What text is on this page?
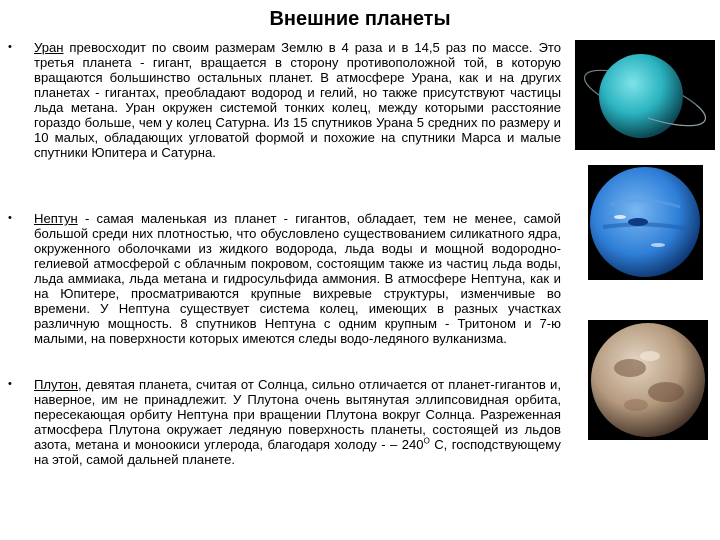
Внешние планеты
•	Уран превосходит по своим размерам Землю в 4 раза и в 14,5 раз по массе. Это третья планета - гигант, вращается в сторону противоположной той, в которую вращаются большинство остальных планет. В атмосфере Урана, как и на других планетах - гигантах, преобладают водород и гелий, но также присутствуют частицы льда метана. Уран окружен системой тонких колец, между которыми расстояние гораздо больше, чем у колец Сатурна. Из 15 спутников Урана 5 средних по размеру и 10 малых, обладающих угловатой формой и похожие на спутники Марса и малые спутники Юпитера и Сатурна.
•	Нептун - самая маленькая из планет - гигантов, обладает, тем не менее, самой большой среди них плотностью, что обусловлено существованием силикатного ядра, окруженного оболочками из жидкого водорода, льда воды и мощной водородно-гелиевой атмосферой с облачным покровом, состоящим также из частиц льда воды, льда аммиака, льда метана и гидросульфида аммония. В атмосфере Нептуна, как и на Юпитере, просматриваются крупные вихревые структуры, изменчивые во времени. У Нептуна существует система колец, имеющих в разных участках различную мощность. 8 спутников Нептуна с одним крупным - Тритоном и 7-ю малыми, на поверхности которых имеются следы водо-ледяного вулканизма.
•	Плутон, девятая планета, считая от Солнца, сильно отличается от планет-гигантов и, наверное, им не принадлежит. У Плутона очень вытянутая эллипсовидная орбита, пересекающая орбиту Нептуна при вращении Плутона вокруг Солнца. Разреженная атмосфера Плутона окружает ледяную поверхность планеты, состоящей из льдов азота, метана и моноокиси углерода, благодаря холоду - – $240^О$ С, господствующему на этой, самой дальней планете.
